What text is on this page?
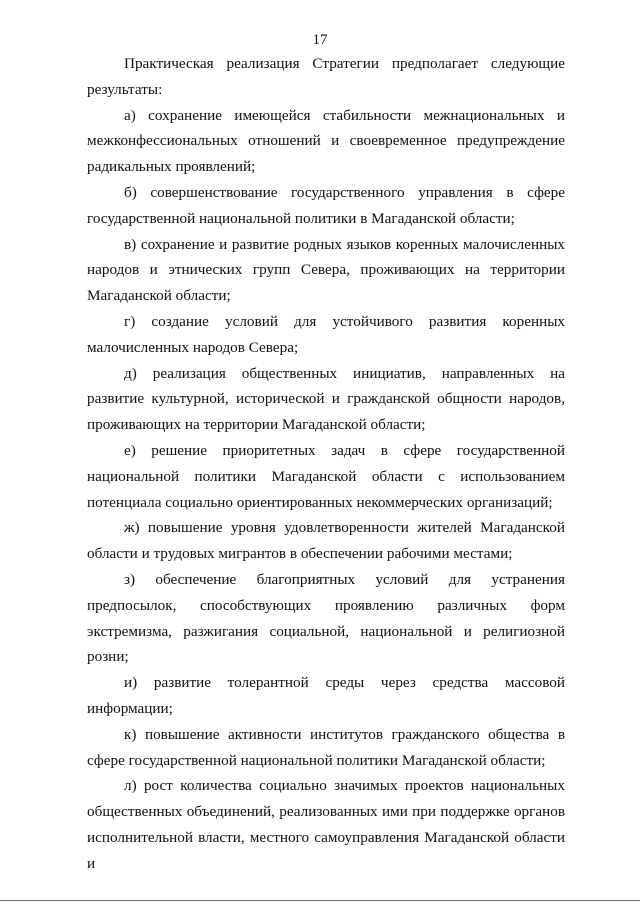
17

Практическая реализация Стратегии предполагает следующие результаты:

а) сохранение имеющейся стабильности межнациональных и межконфессиональных отношений и своевременное предупреждение радикальных проявлений;

б) совершенствование государственного управления в сфере государственной национальной политики в Магаданской области;

в) сохранение и развитие родных языков коренных малочисленных народов и этнических групп Севера, проживающих на территории Магаданской области;

г) создание условий для устойчивого развития коренных малочисленных народов Севера;

д) реализация общественных инициатив, направленных на развитие культурной, исторической и гражданской общности народов, проживающих на территории Магаданской области;

е) решение приоритетных задач в сфере государственной национальной политики Магаданской области с использованием потенциала социально ориентированных некоммерческих организаций;

ж) повышение уровня удовлетворенности жителей Магаданской области и трудовых мигрантов в обеспечении рабочими местами;

з) обеспечение благоприятных условий для устранения предпосылок, способствующих проявлению различных форм экстремизма, разжигания социальной, национальной и религиозной розни;

и) развитие толерантной среды через средства массовой информации;

к) повышение активности институтов гражданского общества в сфере государственной национальной политики Магаданской области;

л) рост количества социально значимых проектов национальных общественных объединений, реализованных ими при поддержке органов исполнительной власти, местного самоуправления Магаданской области и
